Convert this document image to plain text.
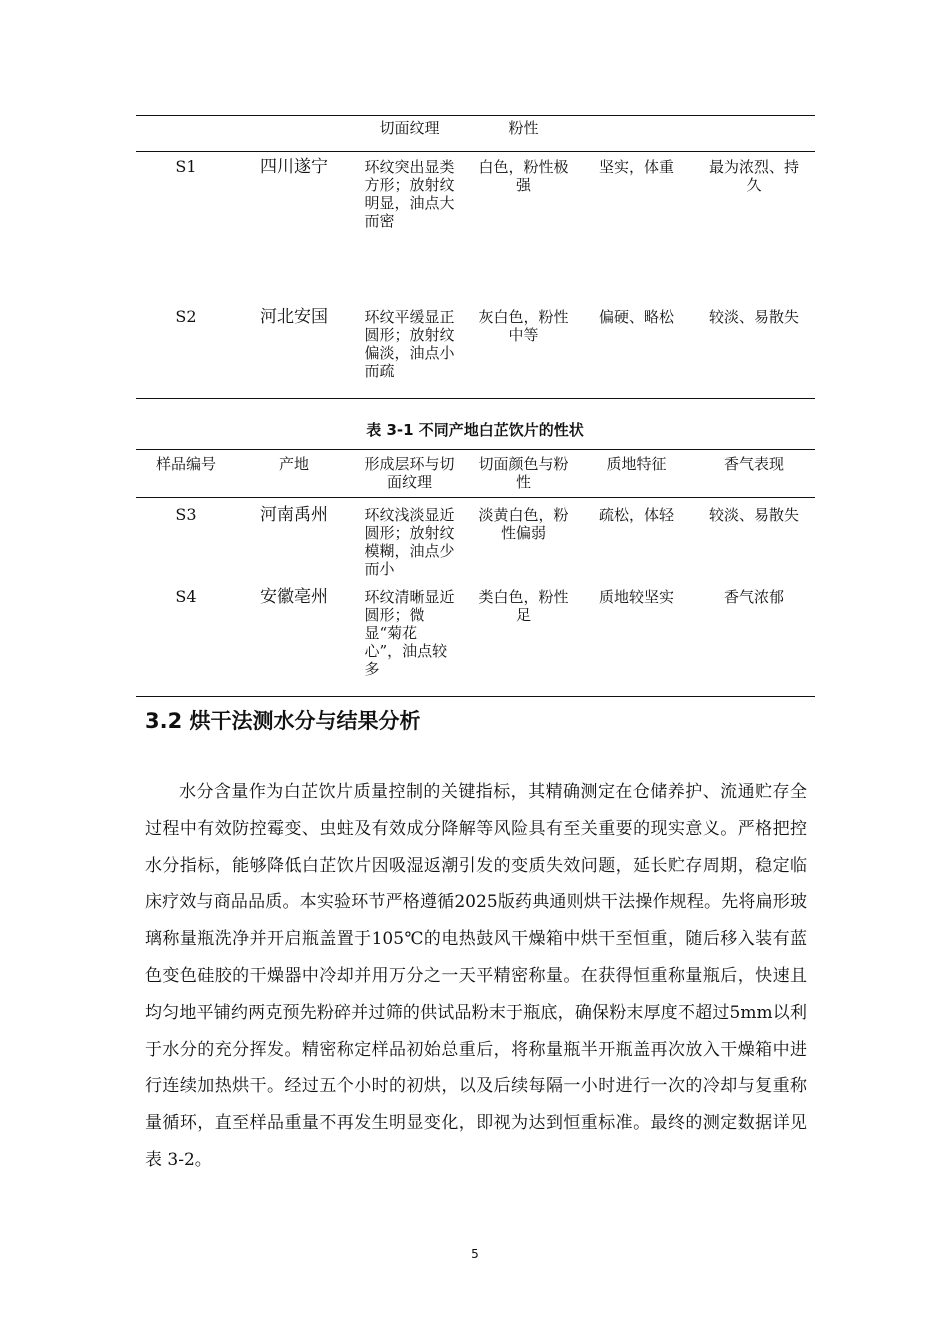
		切面纹理	粉性		
S1	四川遂宁	环纹突出显类方形；放射纹明显，油点大而密	白色，粉性极强	坚实，体重	最为浓烈、持久
S2	河北安国	环纹平缓显正圆形；放射纹偏淡，油点小而疏	灰白色，粉性中等	偏硬、略松	较淡、易散失
表 3-1 不同产地白芷饮片的性状
样品编号	产地	形成层环与切面纹理	切面颜色与粉性	质地特征	香气表现
S3	河南禹州	环纹浅淡显近圆形；放射纹模糊，油点少而小	淡黄白色，粉性偏弱	疏松，体轻	较淡、易散失
S4	安徽亳州	环纹清晰显近圆形；微显“菊花心”，油点较多	类白色，粉性足	质地较坚实	香气浓郁
3.2 烘干法测水分与结果分析

水分含量作为白芷饮片质量控制的关键指标，其精确测定在仓储养护、流通贮存全过程中有效防控霉变、虫蛀及有效成分降解等风险具有至关重要的现实意义。严格把控水分指标，能够降低白芷饮片因吸湿返潮引发的变质失效问题，延长贮存周期，稳定临床疗效与商品品质。本实验环节严格遵循2025版药典通则烘干法操作规程。先将扁形玻璃称量瓶洗净并开启瓶盖置于105℃的电热鼓风干燥箱中烘干至恒重，随后移入装有蓝色变色硅胶的干燥器中冷却并用万分之一天平精密称量。在获得恒重称量瓶后，快速且均匀地平铺约两克预先粉碎并过筛的供试品粉末于瓶底，确保粉末厚度不超过5mm以利于水分的充分挥发。精密称定样品初始总重后，将称量瓶半开瓶盖再次放入干燥箱中进行连续加热烘干。经过五个小时的初烘，以及后续每隔一小时进行一次的冷却与复重称量循环，直至样品重量不再发生明显变化，即视为达到恒重标准。最终的测定数据详见表 3-2。

5
